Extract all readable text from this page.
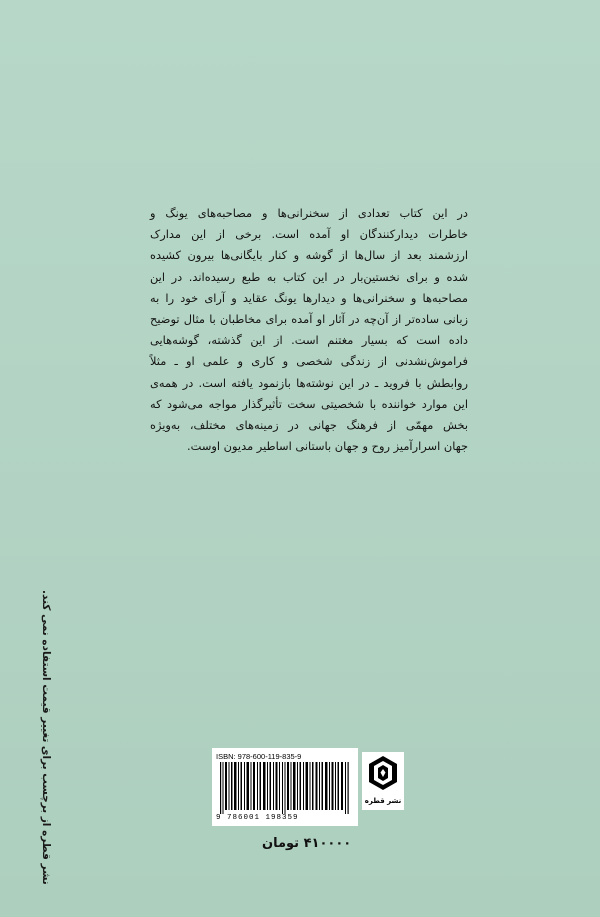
در این کتاب تعدادی از سخنرانی‌ها و مصاحبه‌های یونگ و
خاطرات دیدارکنندگان او آمده است. برخی از این مدارک
ارزشمند بعد از سال‌ها از گوشه و کنار بایگانی‌ها بیرون کشیده
شده و برای نخستین‌بار در این کتاب به طبع رسیده‌اند. در این
مصاحبه‌ها و سخنرانی‌ها و دیدارها یونگ عقاید و آرای خود را به
زبانی ساده‌تر از آن‌چه در آثار او آمده برای مخاطبان با مثال توضیح
داده است که بسیار مغتنم است. از این گذشته، گوشه‌هایی
فراموش‌نشدنی از زندگی شخصی و کاری و علمی او ـ مثلاً
روابطش با فروید ـ در این نوشته‌ها بازنمود یافته است. در همه‌ی
این موارد خواننده با شخصیتی سخت تأثیرگذار مواجه می‌شود که
بخش مهمّی از فرهنگ جهانی در زمینه‌های مختلف، به‌ویژه
جهان اسرارآمیز روح و جهان باستانی اساطیر مدیون اوست.
نشر قطره از برچسب برای تغییر قیمت استفاده نمی کند.	ISBN: 978-600-119-835-9
9 786001 198359
نشر قطره
۴۱۰۰۰۰ تومان
